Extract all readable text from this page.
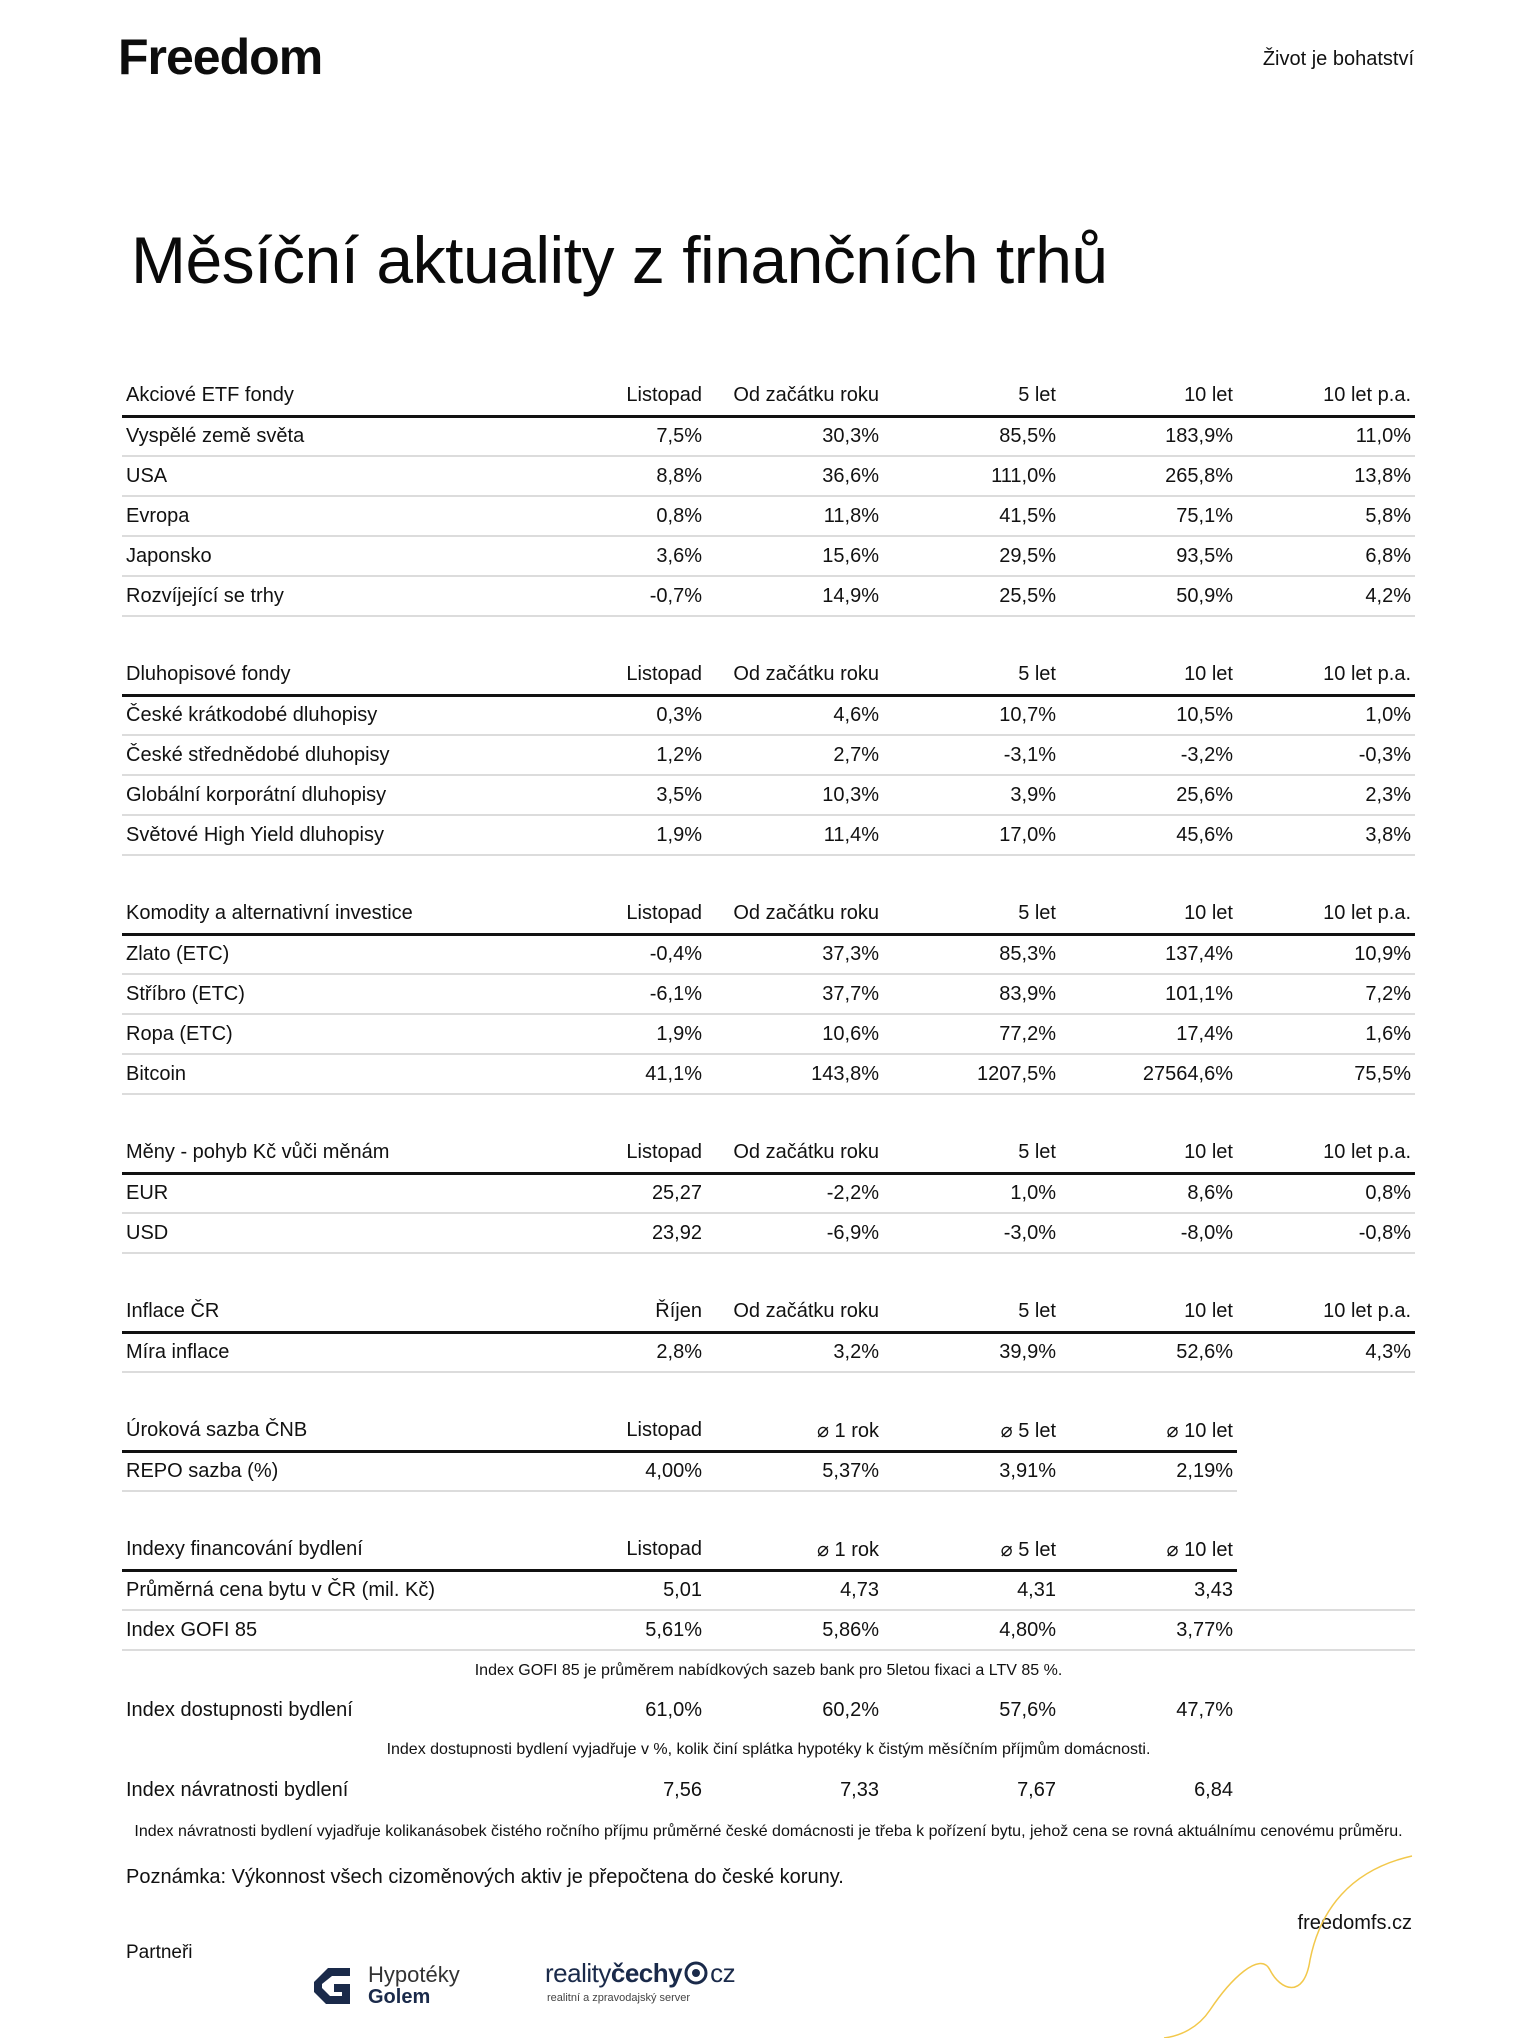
Freedom	Život je bohatství
Měsíční aktuality z finančních trhů
Akciové ETF fondy	Listopad	Od začátku roku	5 let	10 let	10 let p.a.
Vyspělé země světa	7,5%	30,3%	85,5%	183,9%	11,0%
USA	8,8%	36,6%	111,0%	265,8%	13,8%
Evropa	0,8%	11,8%	41,5%	75,1%	5,8%
Japonsko	3,6%	15,6%	29,5%	93,5%	6,8%
Rozvíjející se trhy	-0,7%	14,9%	25,5%	50,9%	4,2%
Dluhopisové fondy	Listopad	Od začátku roku	5 let	10 let	10 let p.a.
České krátkodobé dluhopisy	0,3%	4,6%	10,7%	10,5%	1,0%
České střednědobé dluhopisy	1,2%	2,7%	-3,1%	-3,2%	-0,3%
Globální korporátní dluhopisy	3,5%	10,3%	3,9%	25,6%	2,3%
Světové High Yield dluhopisy	1,9%	11,4%	17,0%	45,6%	3,8%
Komodity a alternativní investice	Listopad	Od začátku roku	5 let	10 let	10 let p.a.
Zlato (ETC)	-0,4%	37,3%	85,3%	137,4%	10,9%
Stříbro (ETC)	-6,1%	37,7%	83,9%	101,1%	7,2%
Ropa (ETC)	1,9%	10,6%	77,2%	17,4%	1,6%
Bitcoin	41,1%	143,8%	1207,5%	27564,6%	75,5%
Měny - pohyb Kč vůči měnám	Listopad	Od začátku roku	5 let	10 let	10 let p.a.
EUR	25,27	-2,2%	1,0%	8,6%	0,8%
USD	23,92	-6,9%	-3,0%	-8,0%	-0,8%
Inflace ČR	Říjen	Od začátku roku	5 let	10 let	10 let p.a.
Míra inflace	2,8%	3,2%	39,9%	52,6%	4,3%
Úroková sazba ČNB	Listopad	⌀ 1 rok	⌀ 5 let	⌀ 10 let	
REPO sazba (%)	4,00%	5,37%	3,91%	2,19%	
Indexy financování bydlení	Listopad	⌀ 1 rok	⌀ 5 let	⌀ 10 let	
Průměrná cena bytu v ČR (mil. Kč)	5,01	4,73	4,31	3,43	
Index GOFI 85	5,61%	5,86%	4,80%	3,77%	
Index GOFI 85 je průměrem nabídkových sazeb bank pro 5letou fixaci a LTV 85 %.					
Index dostupnosti bydlení	61,0%	60,2%	57,6%	47,7%	
Index dostupnosti bydlení vyjadřuje v %, kolik činí splátka hypotéky k čistým měsíčním příjmům domácnosti.					
Index návratnosti bydlení	7,56	7,33	7,67	6,84	
Index návratnosti bydlení vyjadřuje kolikanásobek čistého ročního příjmu průměrné české domácnosti je třeba k pořízení bytu, jehož cena se rovná aktuálnímu cenovému průměru.					
Poznámka: Výkonnost všech cizoměnových aktiv je přepočtena do české koruny.
freedomfs.cz
Partneři
Hypotéky
Golem
realityčechy cz
realitní a zpravodajský server
